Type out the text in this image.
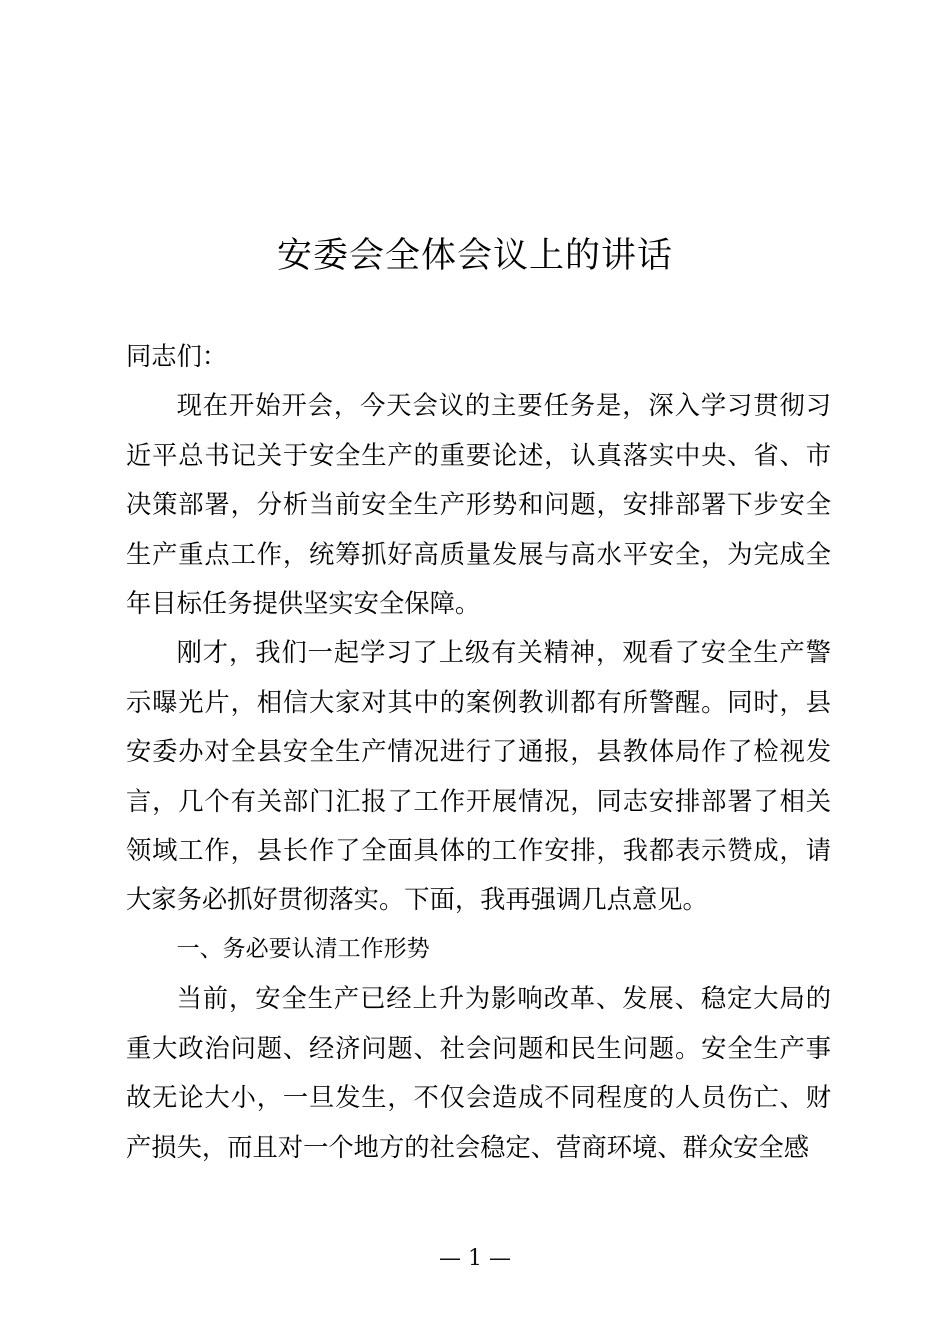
安委会全体会议上的讲话

同志们：

现在开始开会，今天会议的主要任务是，深入学习贯彻习近平总书记关于安全生产的重要论述，认真落实中央、省、市决策部署，分析当前安全生产形势和问题，安排部署下步安全生产重点工作，统筹抓好高质量发展与高水平安全，为完成全年目标任务提供坚实安全保障。

刚才，我们一起学习了上级有关精神，观看了安全生产警示曝光片，相信大家对其中的案例教训都有所警醒。同时，县安委办对全县安全生产情况进行了通报，县教体局作了检视发言，几个有关部门汇报了工作开展情况，同志安排部署了相关领域工作，县长作了全面具体的工作安排，我都表示赞成，请大家务必抓好贯彻落实。下面，我再强调几点意见。

一、务必要认清工作形势

当前，安全生产已经上升为影响改革、发展、稳定大局的重大政治问题、经济问题、社会问题和民生问题。安全生产事故无论大小，一旦发生，不仅会造成不同程度的人员伤亡、财产损失，而且对一个地方的社会稳定、营商环境、群众安全感

— 1 —
